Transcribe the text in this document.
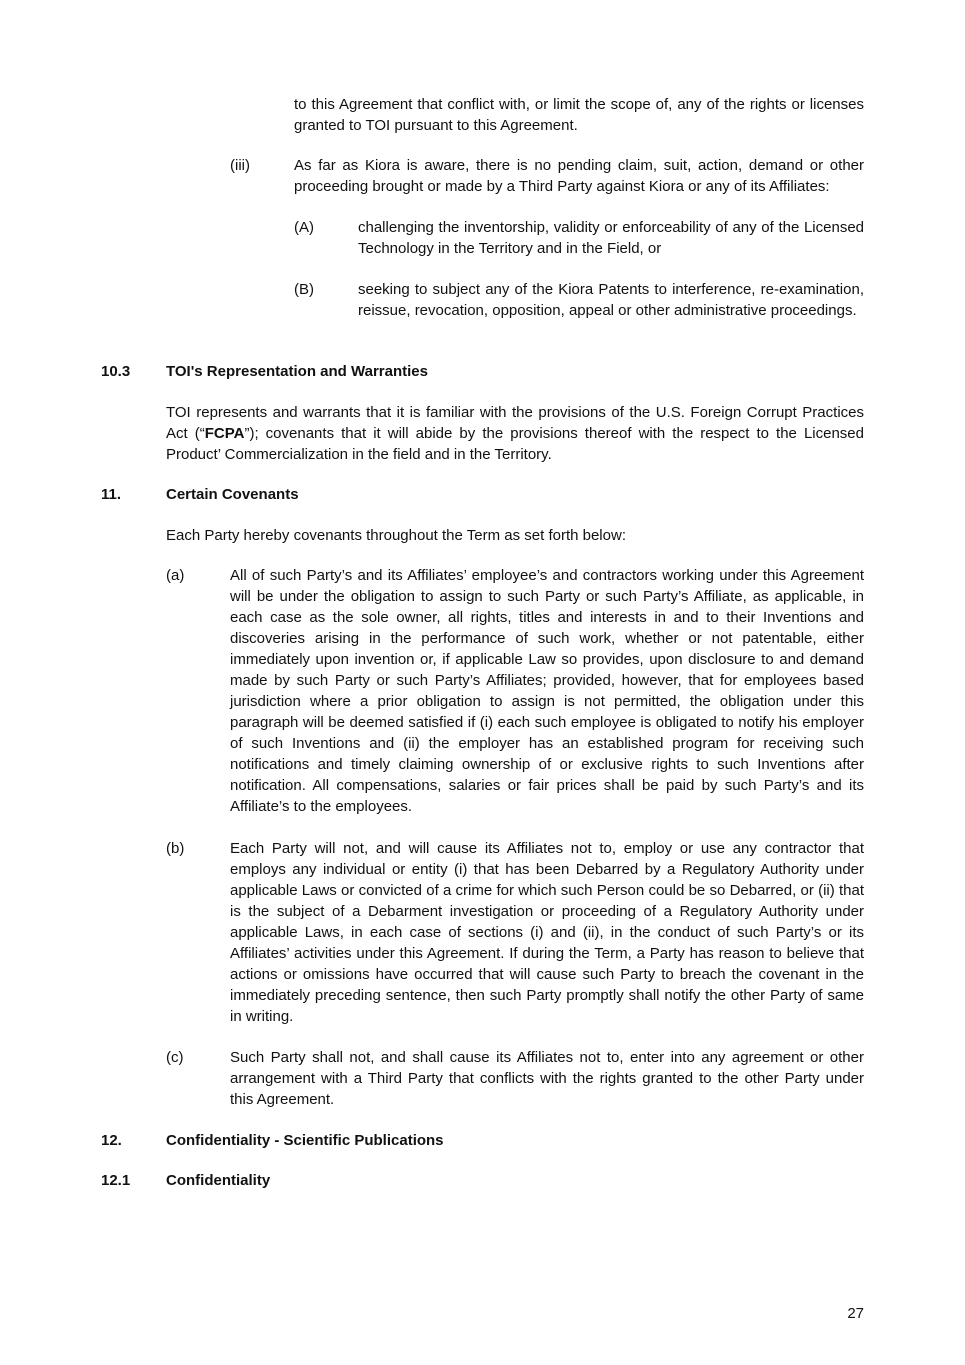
to this Agreement that conflict with, or limit the scope of, any of the rights or licenses granted to TOI pursuant to this Agreement.
(iii)	As far as Kiora is aware, there is no pending claim, suit, action, demand or other proceeding brought or made by a Third Party against Kiora or any of its Affiliates:
(A)	challenging the inventorship, validity or enforceability of any of the Licensed Technology in the Territory and in the Field, or
(B)	seeking to subject any of the Kiora Patents to interference, re-examination, reissue, revocation, opposition, appeal or other administrative proceedings.
10.3 TOI's Representation and Warranties
TOI represents and warrants that it is familiar with the provisions of the U.S. Foreign Corrupt Practices Act (“FCPA”); covenants that it will abide by the provisions thereof with the respect to the Licensed Product’ Commercialization in the field and in the Territory.
11.	Certain Covenants
Each Party hereby covenants throughout the Term as set forth below:
(a)	All of such Party’s and its Affiliates’ employee’s and contractors working under this Agreement will be under the obligation to assign to such Party or such Party’s Affiliate, as applicable, in each case as the sole owner, all rights, titles and interests in and to their Inventions and discoveries arising in the performance of such work, whether or not patentable, either immediately upon invention or, if applicable Law so provides, upon disclosure to and demand made by such Party or such Party’s Affiliates; provided, however, that for employees based jurisdiction where a prior obligation to assign is not permitted, the obligation under this paragraph will be deemed satisfied if (i) each such employee is obligated to notify his employer of such Inventions and (ii) the employer has an established program for receiving such notifications and timely claiming ownership of or exclusive rights to such Inventions after notification. All compensations, salaries or fair prices shall be paid by such Party’s and its Affiliate’s to the employees.
(b)	Each Party will not, and will cause its Affiliates not to, employ or use any contractor that employs any individual or entity (i) that has been Debarred by a Regulatory Authority under applicable Laws or convicted of a crime for which such Person could be so Debarred, or (ii) that is the subject of a Debarment investigation or proceeding of a Regulatory Authority under applicable Laws, in each case of sections (i) and (ii), in the conduct of such Party’s or its Affiliates’ activities under this Agreement. If during the Term, a Party has reason to believe that actions or omissions have occurred that will cause such Party to breach the covenant in the immediately preceding sentence, then such Party promptly shall notify the other Party of same in writing.
(c)	Such Party shall not, and shall cause its Affiliates not to, enter into any agreement or other arrangement with a Third Party that conflicts with the rights granted to the other Party under this Agreement.
12.	Confidentiality - Scientific Publications
12.1 Confidentiality
27
